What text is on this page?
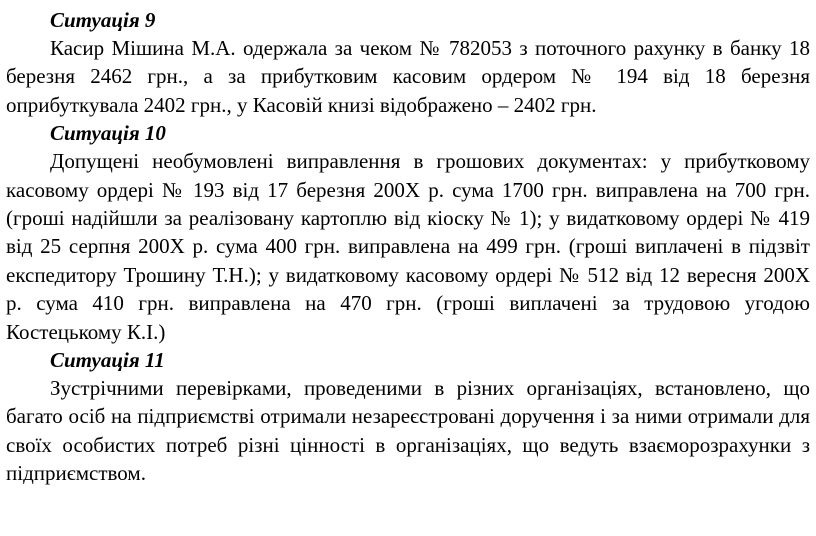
Ситуація 9

Касир Мішина М.А. одержала за чеком № 782053 з поточного рахунку в банку 18 березня 2462 грн., а за прибутковим касовим ордером № 194 від 18 березня оприбуткувала 2402 грн., у Касовій книзі відображено – 2402 грн.

Ситуація 10

Допущені необумовлені виправлення в грошових документах: у прибутковому касовому ордері № 193 від 17 березня 200Х р. сума 1700 грн. виправлена на 700 грн. (гроші надійшли за реалізовану картоплю від кіоску № 1); у видатковому ордері № 419 від 25 серпня 200Х р. сума 400 грн. виправлена на 499 грн. (гроші виплачені в підзвіт експедитору Трошину Т.Н.); у видатковому касовому ордері № 512 від 12 вересня 200Х р. сума 410 грн. виправлена на 470 грн. (гроші виплачені за трудовою угодою Костецькому К.І.)

Ситуація 11

Зустрічними перевірками, проведеними в різних організаціях, встановлено, що багато осіб на підприємстві отримали незареєстровані доручення і за ними отримали для своїх особистих потреб різні цінності в організаціях, що ведуть взаєморозрахунки з підприємством.
